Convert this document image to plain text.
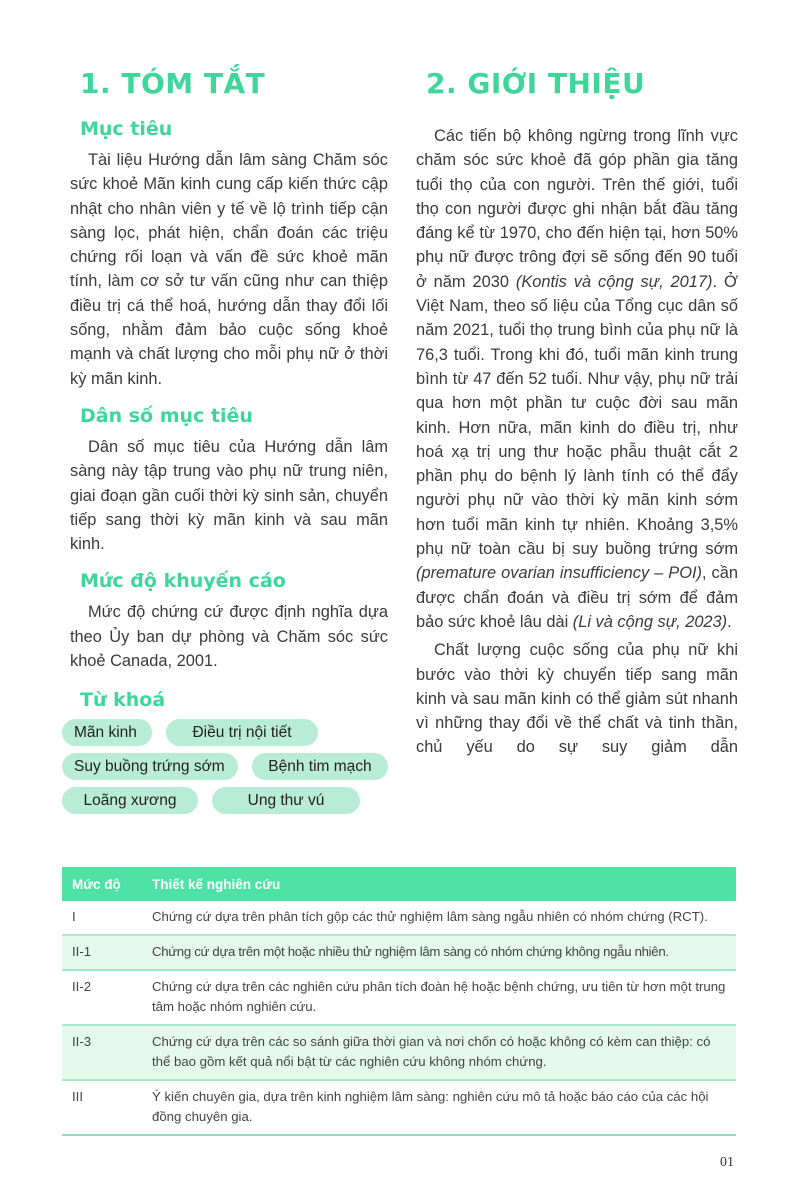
1. TÓM TẮT
Mục tiêu

Tài liệu Hướng dẫn lâm sàng Chăm sóc sức khoẻ Mãn kinh cung cấp kiến thức cập nhật cho nhân viên y tế về lộ trình tiếp cận sàng lọc, phát hiện, chẩn đoán các triệu chứng rối loạn và vấn đề sức khoẻ mãn tính, làm cơ sở tư vấn cũng như can thiệp điều trị cá thể hoá, hướng dẫn thay đổi lối sống, nhằm đảm bảo cuộc sống khoẻ mạnh và chất lượng cho mỗi phụ nữ ở thời kỳ mãn kinh.

Dân số mục tiêu

Dân số mục tiêu của Hướng dẫn lâm sàng này tập trung vào phụ nữ trung niên, giai đoạn gần cuối thời kỳ sinh sản, chuyển tiếp sang thời kỳ mãn kinh và sau mãn kinh.

Mức độ khuyến cáo

Mức độ chứng cứ được định nghĩa dựa theo Ủy ban dự phòng và Chăm sóc sức khoẻ Canada, 2001.

Từ khoá
Mãn kinh	Điều trị nội tiết
Suy buồng trứng sớm	Bệnh tim mạch
Loãng xương	Ung thư vú
2. GIỚI THIỆU

Các tiến bộ không ngừng trong lĩnh vực chăm sóc sức khoẻ đã góp phần gia tăng tuổi thọ của con người. Trên thế giới, tuổi thọ con người được ghi nhận bắt đầu tăng đáng kể từ 1970, cho đến hiện tại, hơn 50% phụ nữ được trông đợi sẽ sống đến 90 tuổi ở năm 2030 (Kontis và cộng sự, 2017). Ở Việt Nam, theo số liệu của Tổng cục dân số năm 2021, tuổi thọ trung bình của phụ nữ là 76,3 tuổi. Trong khi đó, tuổi mãn kinh trung bình từ 47 đến 52 tuổi. Như vậy, phụ nữ trải qua hơn một phần tư cuộc đời sau mãn kinh. Hơn nữa, mãn kinh do điều trị, như hoá xạ trị ung thư hoặc phẫu thuật cắt 2 phần phụ do bệnh lý lành tính có thể đẩy người phụ nữ vào thời kỳ mãn kinh sớm hơn tuổi mãn kinh tự nhiên. Khoảng 3,5% phụ nữ toàn cầu bị suy buồng trứng sớm (premature ovarian insufficiency – POI), cần được chẩn đoán và điều trị sớm để đảm bảo sức khoẻ lâu dài (Li và cộng sự, 2023).

Chất lượng cuộc sống của phụ nữ khi bước vào thời kỳ chuyển tiếp sang mãn kinh và sau mãn kinh có thể giảm sút nhanh vì những thay đổi về thể chất và tinh thần, chủ yếu do sự suy giảm dẫn

Mức độ	Thiết kế nghiên cứu
I	Chứng cứ dựa trên phân tích gộp các thử nghiệm lâm sàng ngẫu nhiên có nhóm chứng (RCT).
II-1	Chứng cứ dựa trên một hoặc nhiều thử nghiệm lâm sàng có nhóm chứng không ngẫu nhiên.
II-2	Chứng cứ dựa trên các nghiên cứu phân tích đoàn hệ hoặc bệnh chứng, ưu tiên từ hơn một trung tâm hoặc nhóm nghiên cứu.
II-3	Chứng cứ dựa trên các so sánh giữa thời gian và nơi chốn có hoặc không có kèm can thiệp: có thể bao gồm kết quả nổi bật từ các nghiên cứu không nhóm chứng.
III	Ý kiến chuyên gia, dựa trên kinh nghiệm lâm sàng: nghiên cứu mô tả hoặc báo cáo của các hội đồng chuyên gia.
01
